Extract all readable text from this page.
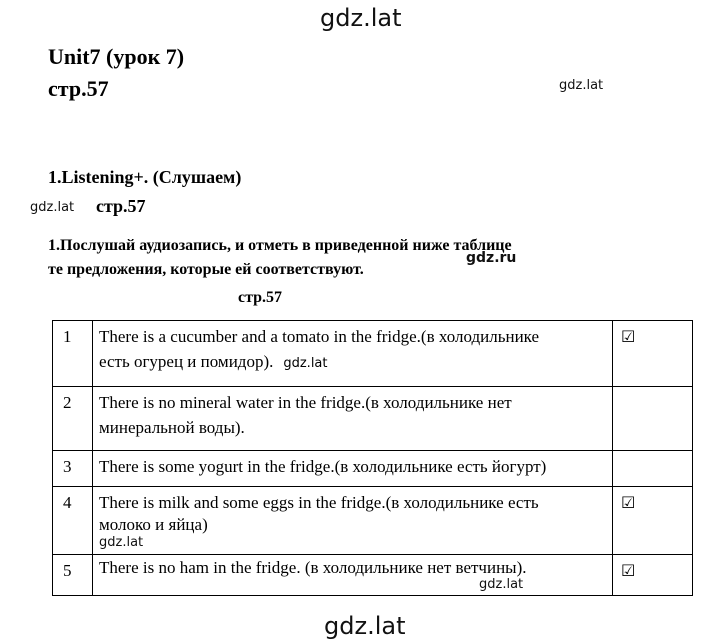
gdz.lat
Unit7 (урок 7)
стр.57	gdz.lat
1.Listening+. (Слушаем)
gdz.lat стр.57
1.Послушай аудиозапись, и отметь в приведенной ниже таблице
те предложения, которые ей соответствуют.
gdz.ru
стр.57
1	There is a cucumber and a tomato in the fridge.(в холодильнике
есть огурец и помидор). gdz.lat	☑
2	There is no mineral water in the fridge.(в холодильнике нет
минеральной воды).	

3	There is some yogurt in the fridge.(в холодильнике есть йогурт)	

4	There is milk and some eggs in the fridge.(в холодильнике есть
молоко и яйца)
gdz.lat	☑
5	There is no ham in the fridge. (в холодильнике нет ветчины).
gdz.lat	☑
gdz.lat
